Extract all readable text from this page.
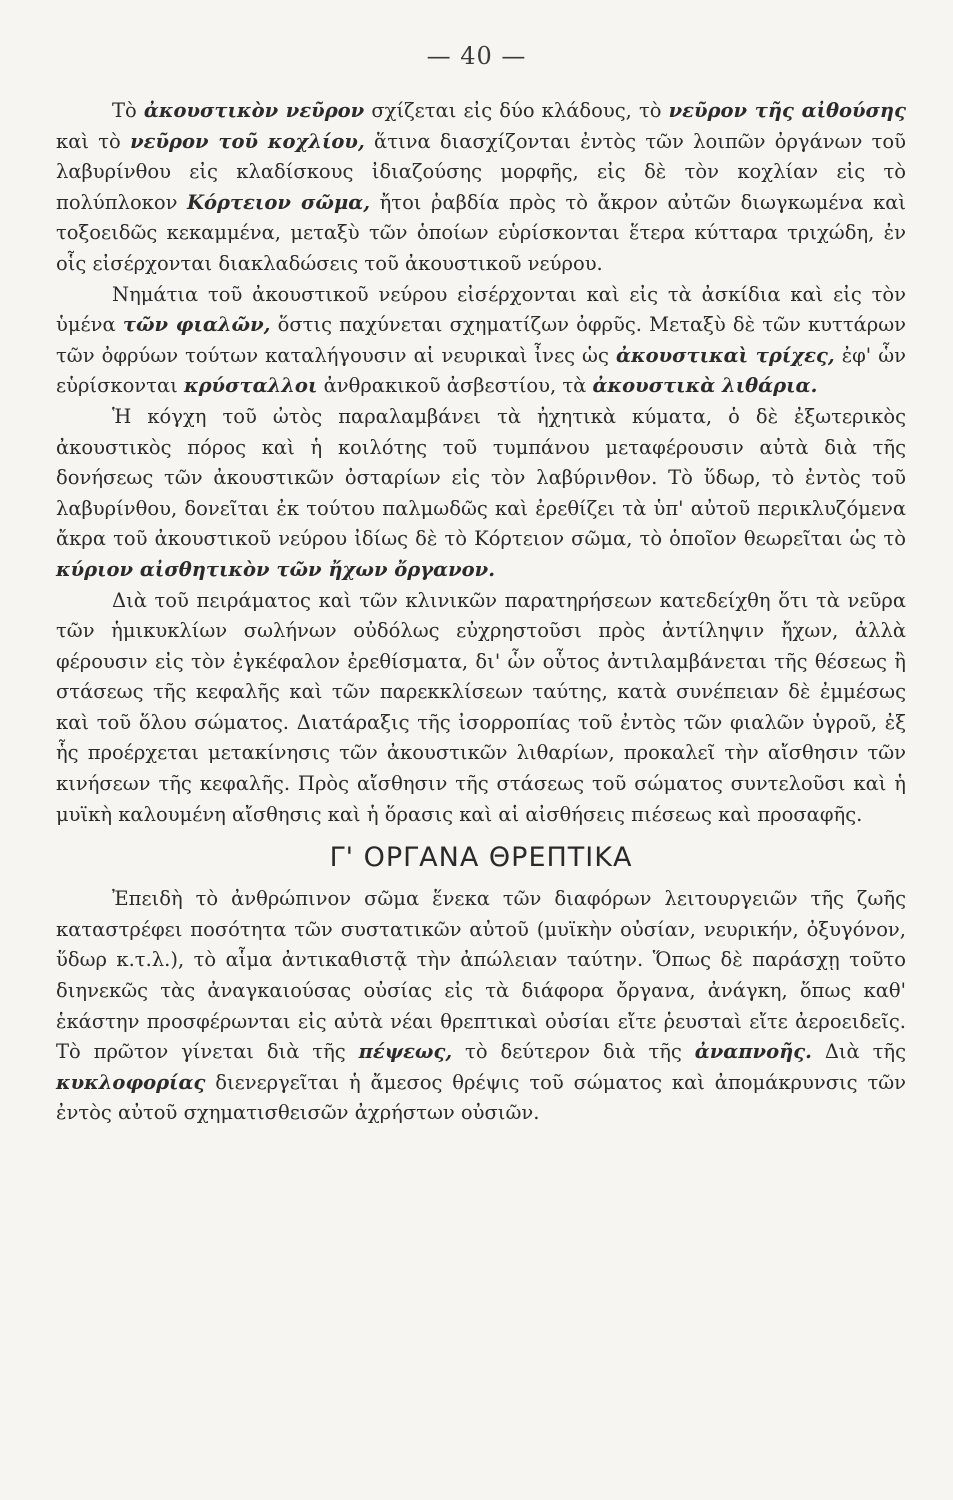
— 40 —

Τὸ ἀκουστικὸν νεῦρον σχίζεται εἰς δύο κλάδους, τὸ νεῦρον τῆς αἰθούσης καὶ τὸ νεῦρον τοῦ κοχλίου, ἅτινα διασχίζονται ἐντὸς τῶν λοιπῶν ὀργάνων τοῦ λαβυρίνθου εἰς κλαδίσκους ἰδιαζούσης μορφῆς, εἰς δὲ τὸν κοχλίαν εἰς τὸ πολύπλοκον Κόρτειον σῶμα, ἤτοι ῥαβδία πρὸς τὸ ἄκρον αὐτῶν διωγκωμένα καὶ τοξοειδῶς κεκαμμένα, μεταξὺ τῶν ὁποίων εὑρίσκονται ἕτερα κύτταρα τριχώδη, ἐν οἷς εἰσέρχονται διακλαδώσεις τοῦ ἀκουστικοῦ νεύρου.

Νημάτια τοῦ ἀκουστικοῦ νεύρου εἰσέρχονται καὶ εἰς τὰ ἀσκίδια καὶ εἰς τὸν ὑμένα τῶν φιαλῶν, ὅστις παχύνεται σχηματίζων ὀφρῦς. Μεταξὺ δὲ τῶν κυττάρων τῶν ὀφρύων τούτων καταλήγουσιν αἱ νευρικαὶ ἶνες ὡς ἀκουστικαὶ τρίχες, ἐφ' ὧν εὑρίσκονται κρύσταλλοι ἀνθρακικοῦ ἀσβεστίου, τὰ ἀκουστικὰ λιθάρια.

Ἡ κόγχη τοῦ ὠτὸς παραλαμβάνει τὰ ἠχητικὰ κύματα, ὁ δὲ ἐξωτερικὸς ἀκουστικὸς πόρος καὶ ἡ κοιλότης τοῦ τυμπάνου μεταφέρουσιν αὐτὰ διὰ τῆς δονήσεως τῶν ἀκουστικῶν ὀσταρίων εἰς τὸν λαβύρινθον. Τὸ ὕδωρ, τὸ ἐντὸς τοῦ λαβυρίνθου, δονεῖται ἐκ τούτου παλμωδῶς καὶ ἐρεθίζει τὰ ὑπ' αὐτοῦ περικλυζόμενα ἄκρα τοῦ ἀκουστικοῦ νεύρου ἰδίως δὲ τὸ Κόρτειον σῶμα, τὸ ὁποῖον θεωρεῖται ὡς τὸ κύριον αἰσθητικὸν τῶν ἤχων ὄργανον.

Διὰ τοῦ πειράματος καὶ τῶν κλινικῶν παρατηρήσεων κατεδείχθη ὅτι τὰ νεῦρα τῶν ἡμικυκλίων σωλήνων οὐδόλως εὐχρηστοῦσι πρὸς ἀντίληψιν ἤχων, ἀλλὰ φέρουσιν εἰς τὸν ἐγκέφαλον ἐρεθίσματα, δι' ὧν οὗτος ἀντιλαμβάνεται τῆς θέσεως ἢ στάσεως τῆς κεφαλῆς καὶ τῶν παρεκκλίσεων ταύτης, κατὰ συνέπειαν δὲ ἐμμέσως καὶ τοῦ ὅλου σώματος. Διατάραξις τῆς ἰσορροπίας τοῦ ἐντὸς τῶν φιαλῶν ὑγροῦ, ἐξ ἧς προέρχεται μετακίνησις τῶν ἀκουστικῶν λιθαρίων, προκαλεῖ τὴν αἴσθησιν τῶν κινήσεων τῆς κεφαλῆς. Πρὸς αἴσθησιν τῆς στάσεως τοῦ σώματος συντελοῦσι καὶ ἡ μυϊκὴ καλουμένη αἴσθησις καὶ ἡ ὅρασις καὶ αἱ αἰσθήσεις πιέσεως καὶ προσαφῆς.

Γ' ΟΡΓΑΝΑ ΘΡΕΠΤΙΚΑ

Ἐπειδὴ τὸ ἀνθρώπινον σῶμα ἕνεκα τῶν διαφόρων λειτουργειῶν τῆς ζωῆς καταστρέφει ποσότητα τῶν συστατικῶν αὐτοῦ (μυϊκὴν οὐσίαν, νευρικήν, ὀξυγόνον, ὕδωρ κ.τ.λ.), τὸ αἷμα ἀντικαθιστᾷ τὴν ἀπώλειαν ταύτην. Ὅπως δὲ παράσχῃ τοῦτο διηνεκῶς τὰς ἀναγκαιούσας οὐσίας εἰς τὰ διάφορα ὄργανα, ἀνάγκη, ὅπως καθ' ἑκάστην προσφέρωνται εἰς αὐτὰ νέαι θρεπτικαὶ οὐσίαι εἴτε ῥευσταὶ εἴτε ἀεροειδεῖς. Τὸ πρῶτον γίνεται διὰ τῆς πέψεως, τὸ δεύτερον διὰ τῆς ἀναπνοῆς. Διὰ τῆς κυκλοφορίας διενεργεῖται ἡ ἄμεσος θρέψις τοῦ σώματος καὶ ἀπομάκρυνσις τῶν ἐντὸς αὐτοῦ σχηματισθεισῶν ἀχρήστων οὐσιῶν.
